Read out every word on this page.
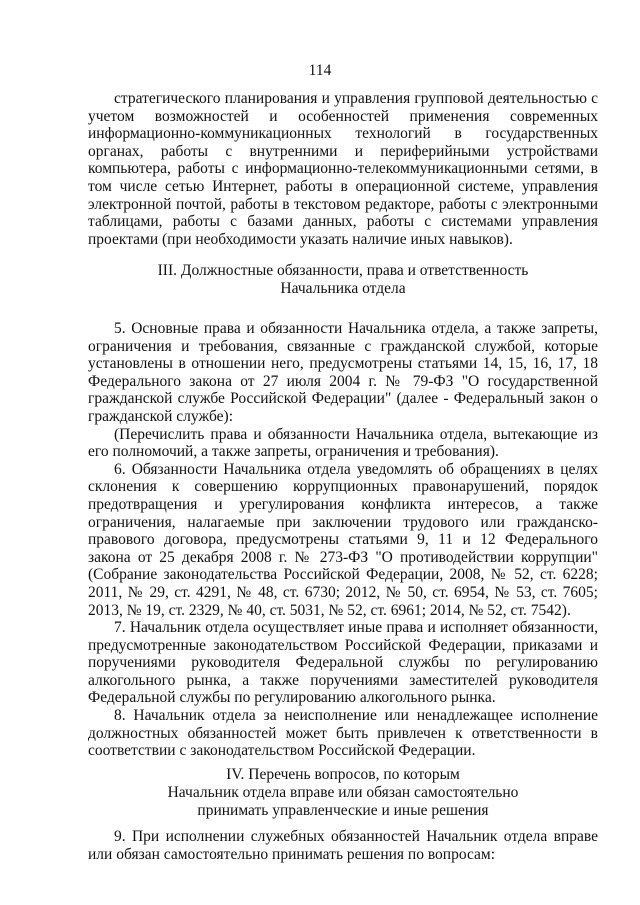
114

стратегического планирования и управления групповой деятельностью с учетом возможностей и особенностей применения современных информационно-коммуникационных технологий в государственных органах, работы с внутренними и периферийными устройствами компьютера, работы с информационно-телекоммуникационными сетями, в том числе сетью Интернет, работы в операционной системе, управления электронной почтой, работы в текстовом редакторе, работы с электронными таблицами, работы с базами данных, работы с системами управления проектами (при необходимости указать наличие иных навыков).

III. Должностные обязанности, права и ответственность
Начальника отдела

5. Основные права и обязанности Начальника отдела, а также запреты, ограничения и требования, связанные с гражданской службой, которые установлены в отношении него, предусмотрены статьями 14, 15, 16, 17, 18 Федерального закона от 27 июля 2004 г. № 79-ФЗ "О государственной гражданской службе Российской Федерации" (далее - Федеральный закон о гражданской службе):

(Перечислить права и обязанности Начальника отдела, вытекающие из его полномочий, а также запреты, ограничения и требования).

6. Обязанности Начальника отдела уведомлять об обращениях в целях склонения к совершению коррупционных правонарушений, порядок предотвращения и урегулирования конфликта интересов, а также ограничения, налагаемые при заключении трудового или гражданско-правового договора, предусмотрены статьями 9, 11 и 12 Федерального закона от 25 декабря 2008 г. № 273-ФЗ "О противодействии коррупции" (Собрание законодательства Российской Федерации, 2008, № 52, ст. 6228; 2011, № 29, ст. 4291, № 48, ст. 6730; 2012, № 50, ст. 6954, № 53, ст. 7605; 2013, № 19, ст. 2329, № 40, ст. 5031, № 52, ст. 6961; 2014, № 52, ст. 7542).

7. Начальник отдела осуществляет иные права и исполняет обязанности, предусмотренные законодательством Российской Федерации, приказами и поручениями руководителя Федеральной службы по регулированию алкогольного рынка, а также поручениями заместителей руководителя Федеральной службы по регулированию алкогольного рынка.

8. Начальник отдела за неисполнение или ненадлежащее исполнение должностных обязанностей может быть привлечен к ответственности в соответствии с законодательством Российской Федерации.

IV. Перечень вопросов, по которым
Начальник отдела вправе или обязан самостоятельно
принимать управленческие и иные решения

9. При исполнении служебных обязанностей Начальник отдела вправе или обязан самостоятельно принимать решения по вопросам:
